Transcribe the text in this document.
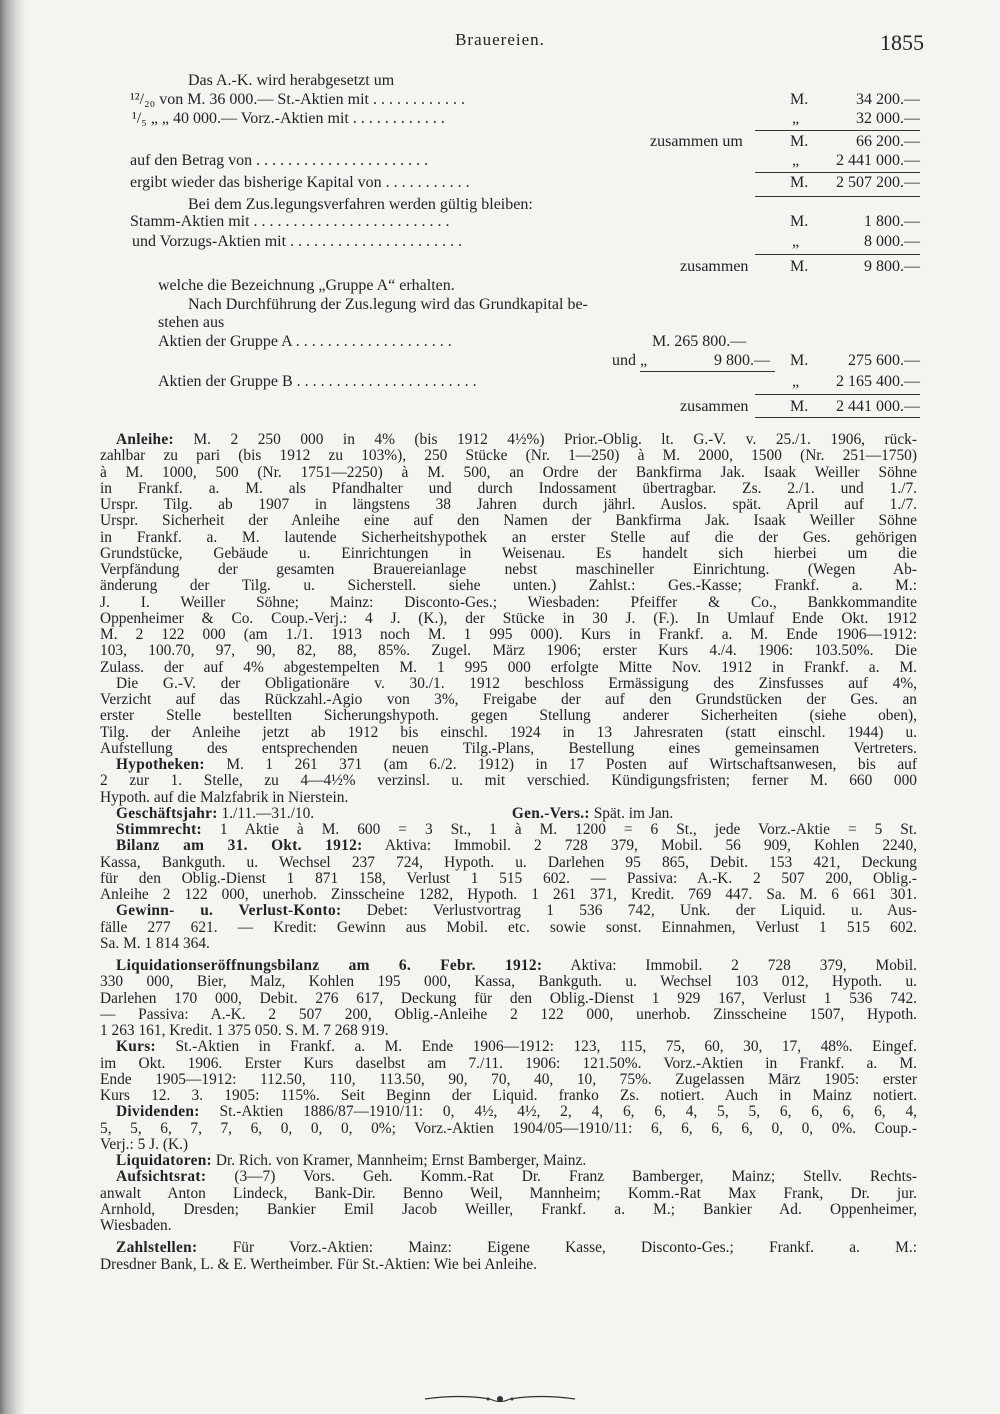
Brauereien.	1855
Das A.-K. wird herabgesetzt um
¹²/₂₀ von M. 36 000.— St.-Aktien mit . . . . . . . . . . . .	M.	34 200.—
¹/₅ „ „ 40 000.— Vorz.-Aktien mit . . . . . . . . . . . .	„	32 000.—
zusammen um	M.	66 200.—
auf den Betrag von . . . . . . . . . . . . . . . . . . . . . .	„ 2 441 000.—
ergibt wieder das bisherige Kapital von . . . . . . . . . . .	M. 2 507 200.—
Bei dem Zus.legungsverfahren werden gültig bleiben:
Stamm-Aktien mit . . . . . . . . . . . . . . . . . . . . . . . . .	M.	1 800.—
und Vorzugs-Aktien mit . . . . . . . . . . . . . . . . . . . . . .	„	8 000.—
zusammen	M.	9 800.—
welche die Bezeichnung „Gruppe A“ erhalten.
Nach Durchführung der Zus.legung wird das Grundkapital be-
stehen aus
Aktien der Gruppe A . . . . . . . . . . . . . . . . . . . .	M. 265 800.—
und „	9 800.— M. 275 600.—
Aktien der Gruppe B . . . . . . . . . . . . . . . . . . . . . . .	„ 2 165 400.—
zusammen	M. 2 441 000.—
Anleihe: M. 2 250 000 in 4% (bis 1912 4½%) Prior.-Oblig. lt. G.-V. v. 25./1. 1906, rück-
zahlbar zu pari (bis 1912 zu 103%), 250 Stücke (Nr. 1—250) à M. 2000, 1500 (Nr. 251—1750)
à M. 1000, 500 (Nr. 1751—2250) à M. 500, an Ordre der Bankfirma Jak. Isaak Weiller Söhne
in Frankf. a. M. als Pfandhalter und durch Indossament übertragbar. Zs. 2./1. und 1./7.
Urspr. Tilg. ab 1907 in längstens 38 Jahren durch jährl. Auslos. spät. April auf 1./7.
Urspr. Sicherheit der Anleihe eine auf den Namen der Bankfirma Jak. Isaak Weiller Söhne
in Frankf. a. M. lautende Sicherheitshypothek an erster Stelle auf die der Ges. gehörigen
Grundstücke, Gebäude u. Einrichtungen in Weisenau. Es handelt sich hierbei um die
Verpfändung der gesamten Brauereianlage nebst maschineller Einrichtung. (Wegen Ab-
änderung der Tilg. u. Sicherstell. siehe unten.) Zahlst.: Ges.-Kasse; Frankf. a. M.:
J. I. Weiller Söhne; Mainz: Disconto-Ges.; Wiesbaden: Pfeiffer & Co., Bankkommandite
Oppenheimer & Co. Coup.-Verj.: 4 J. (K.), der Stücke in 30 J. (F.). In Umlauf Ende Okt. 1912
M. 2 122 000 (am 1./1. 1913 noch M. 1 995 000). Kurs in Frankf. a. M. Ende 1906—1912:
103, 100.70, 97, 90, 82, 88, 85%. Zugel. März 1906; erster Kurs 4./4. 1906: 103.50%. Die
Zulass. der auf 4% abgestempelten M. 1 995 000 erfolgte Mitte Nov. 1912 in Frankf. a. M.
Die G.-V. der Obligationäre v. 30./1. 1912 beschloss Ermässigung des Zinsfusses auf 4%,
Verzicht auf das Rückzahl.-Agio von 3%, Freigabe der auf den Grundstücken der Ges. an
erster Stelle bestellten Sicherungshypoth. gegen Stellung anderer Sicherheiten (siehe oben),
Tilg. der Anleihe jetzt ab 1912 bis einschl. 1924 in 13 Jahresraten (statt einschl. 1944) u.
Aufstellung des entsprechenden neuen Tilg.-Plans, Bestellung eines gemeinsamen Vertreters.
Hypotheken: M. 1 261 371 (am 6./2. 1912) in 17 Posten auf Wirtschaftsanwesen, bis auf
2 zur 1. Stelle, zu 4—4½% verzinsl. u. mit verschied. Kündigungsfristen; ferner M. 660 000
Hypoth. auf die Malzfabrik in Nierstein.
Geschäftsjahr: 1./11.—31./10.	Gen.-Vers.: Spät. im Jan.
Stimmrecht: 1 Aktie à M. 600 = 3 St., 1 à M. 1200 = 6 St., jede Vorz.-Aktie = 5 St.
Bilanz am 31. Okt. 1912: Aktiva: Immobil. 2 728 379, Mobil. 56 909, Kohlen 2240,
Kassa, Bankguth. u. Wechsel 237 724, Hypoth. u. Darlehen 95 865, Debit. 153 421, Deckung
für den Oblig.-Dienst 1 871 158, Verlust 1 515 602. — Passiva: A.-K. 2 507 200, Oblig.-
Anleihe 2 122 000, unerhob. Zinsscheine 1282, Hypoth. 1 261 371, Kredit. 769 447. Sa. M. 6 661 301.
Gewinn- u. Verlust-Konto: Debet: Verlustvortrag 1 536 742, Unk. der Liquid. u. Aus-
fälle 277 621. — Kredit: Gewinn aus Mobil. etc. sowie sonst. Einnahmen, Verlust 1 515 602.
Sa. M. 1 814 364.
Liquidationseröffnungsbilanz am 6. Febr. 1912: Aktiva: Immobil. 2 728 379, Mobil.
330 000, Bier, Malz, Kohlen 195 000, Kassa, Bankguth. u. Wechsel 103 012, Hypoth. u.
Darlehen 170 000, Debit. 276 617, Deckung für den Oblig.-Dienst 1 929 167, Verlust 1 536 742.
— Passiva: A.-K. 2 507 200, Oblig.-Anleihe 2 122 000, unerhob. Zinsscheine 1507, Hypoth.
1 263 161, Kredit. 1 375 050. S. M. 7 268 919.
Kurs: St.-Aktien in Frankf. a. M. Ende 1906—1912: 123, 115, 75, 60, 30, 17, 48%. Eingef.
im Okt. 1906. Erster Kurs daselbst am 7./11. 1906: 121.50%. Vorz.-Aktien in Frankf. a. M.
Ende 1905—1912: 112.50, 110, 113.50, 90, 70, 40, 10, 75%. Zugelassen März 1905: erster
Kurs 12. 3. 1905: 115%. Seit Beginn der Liquid. franko Zs. notiert. Auch in Mainz notiert.
Dividenden: St.-Aktien 1886/87—1910/11: 0, 4½, 4½, 2, 4, 6, 6, 4, 5, 5, 6, 6, 6, 6, 4,
5, 5, 6, 7, 7, 6, 0, 0, 0, 0%; Vorz.-Aktien 1904/05—1910/11: 6, 6, 6, 6, 0, 0, 0%. Coup.-
Verj.: 5 J. (K.)
Liquidatoren: Dr. Rich. von Kramer, Mannheim; Ernst Bamberger, Mainz.
Aufsichtsrat: (3—7) Vors. Geh. Komm.-Rat Dr. Franz Bamberger, Mainz; Stellv. Rechts-
anwalt Anton Lindeck, Bank-Dir. Benno Weil, Mannheim; Komm.-Rat Max Frank, Dr. jur.
Arnhold, Dresden; Bankier Emil Jacob Weiller, Frankf. a. M.; Bankier Ad. Oppenheimer,
Wiesbaden.
Zahlstellen: Für Vorz.-Aktien: Mainz: Eigene Kasse, Disconto-Ges.; Frankf. a. M.:
Dresdner Bank, L. & E. Wertheimber. Für St.-Aktien: Wie bei Anleihe.
